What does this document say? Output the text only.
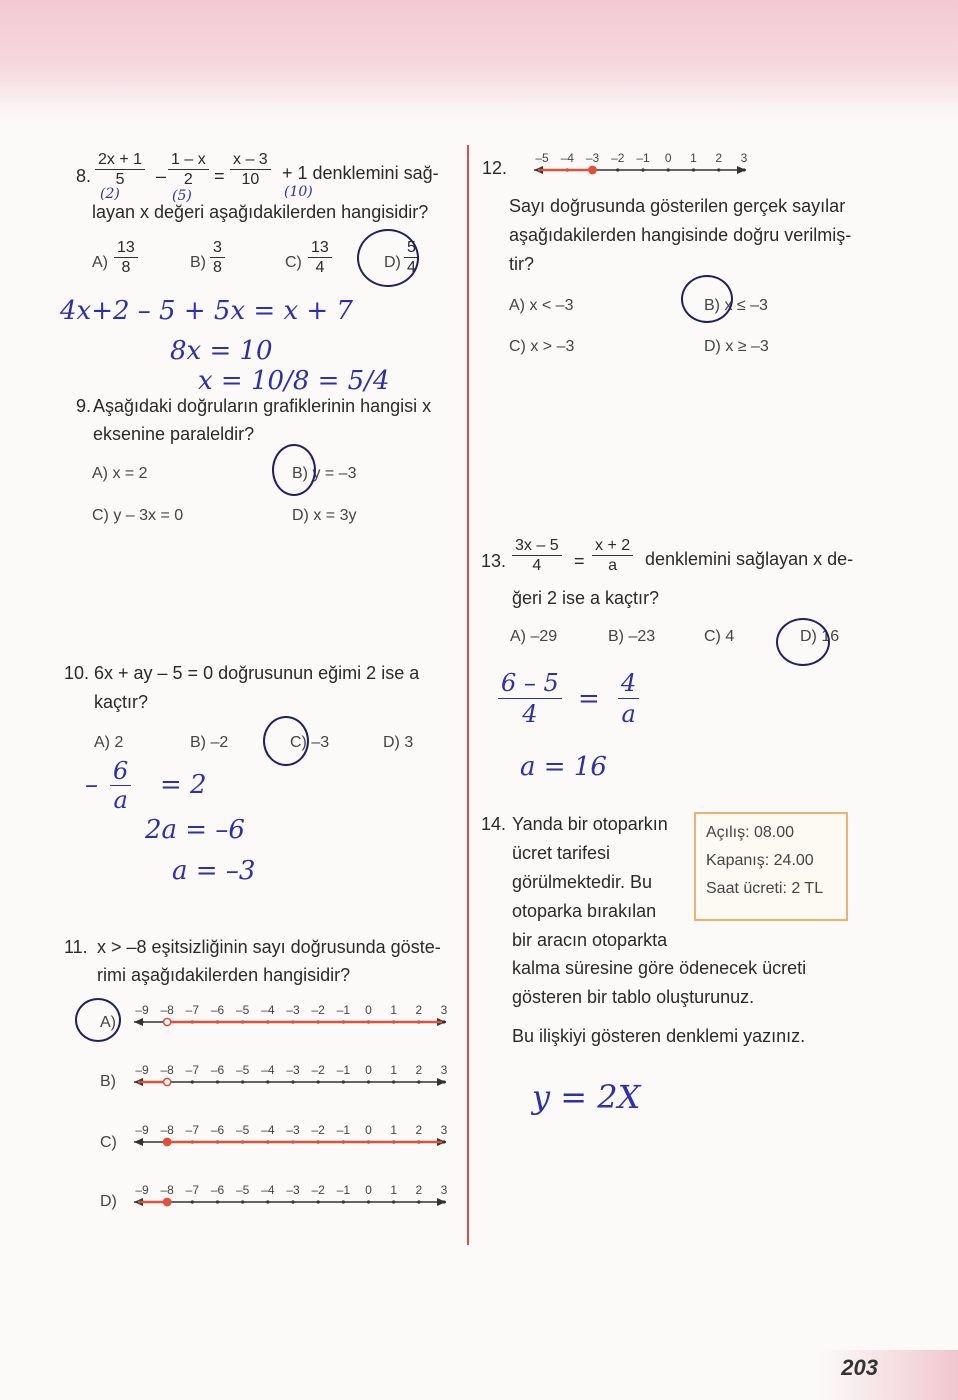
8. $\frac{2x + 1}{5} - \frac{1 - x}{2} = \frac{x - 3}{10} + 1$ denklemini sağ-
layan x değeri aşağıdakilerden hangisidir?
$A) \frac{13}{8}$	$B) \frac{3}{8}$	$C) \frac{13}{4}$	$D) \frac{5}{4}$
(2)	(5)	(10)
4x+2 – 5 + 5x = x + 7
8x = 10
x = 10/8 = 5/4
9. Aşağıdaki doğruların grafiklerinin hangisi x
eksenine paraleldir?
A) x = 2	B) y = –3
C) y – 3x = 0	D) x = 3y
10. 6x + ay – 5 = 0 doğrusunun eğimi 2 ise a
kaçtır?
A) 2	B) –2	C) –3	D) 3
– $\frac{6}{a} = 2$
2a = –6
a = –3
11. x > –8 eşitsizliğinin sayı doğrusunda göste-
rimi aşağıdakilerden hangisidir?
A)
B)
C)
D)
–9 –8 –7 –6 –5 –4 –3 –2 –1 0 1 2 3
–9 –8 –7 –6 –5 –4 –3 –2 –1 0 1 2 3
–9 –8 –7 –6 –5 –4 –3 –2 –1 0 1 2 3
–9 –8 –7 –6 –5 –4 –3 –2 –1 0 1 2 3
12. –5 –4 –3 –2 –1 0 1 2 3
Sayı doğrusunda gösterilen gerçek sayılar
aşağıdakilerden hangisinde doğru verilmiş-
tir?
A) x < –3	B) x ≤ –3
C) x > –3	D) x ≥ –3
13. $\frac{3x - 5}{4} = \frac{x + 2}{a}$ denklemini sağlayan x de-
ğeri 2 ise a kaçtır?
A) –29	B) –23	C) 4	D) 16
$\frac{6 - 5}{4} = \frac{4}{a}$
a = 16
14. Yanda bir otoparkın
ücret tarifesi
görülmektedir. Bu
otoparka bırakılan
bir aracın otoparkta
kalma süresine göre ödenecek ücreti
gösteren bir tablo oluşturunuz.
Bu ilişkiyi gösteren denklemi yazınız.
Açılış: 08.00
Kapanış: 24.00
Saat ücreti: 2 TL
y = 2X
203
